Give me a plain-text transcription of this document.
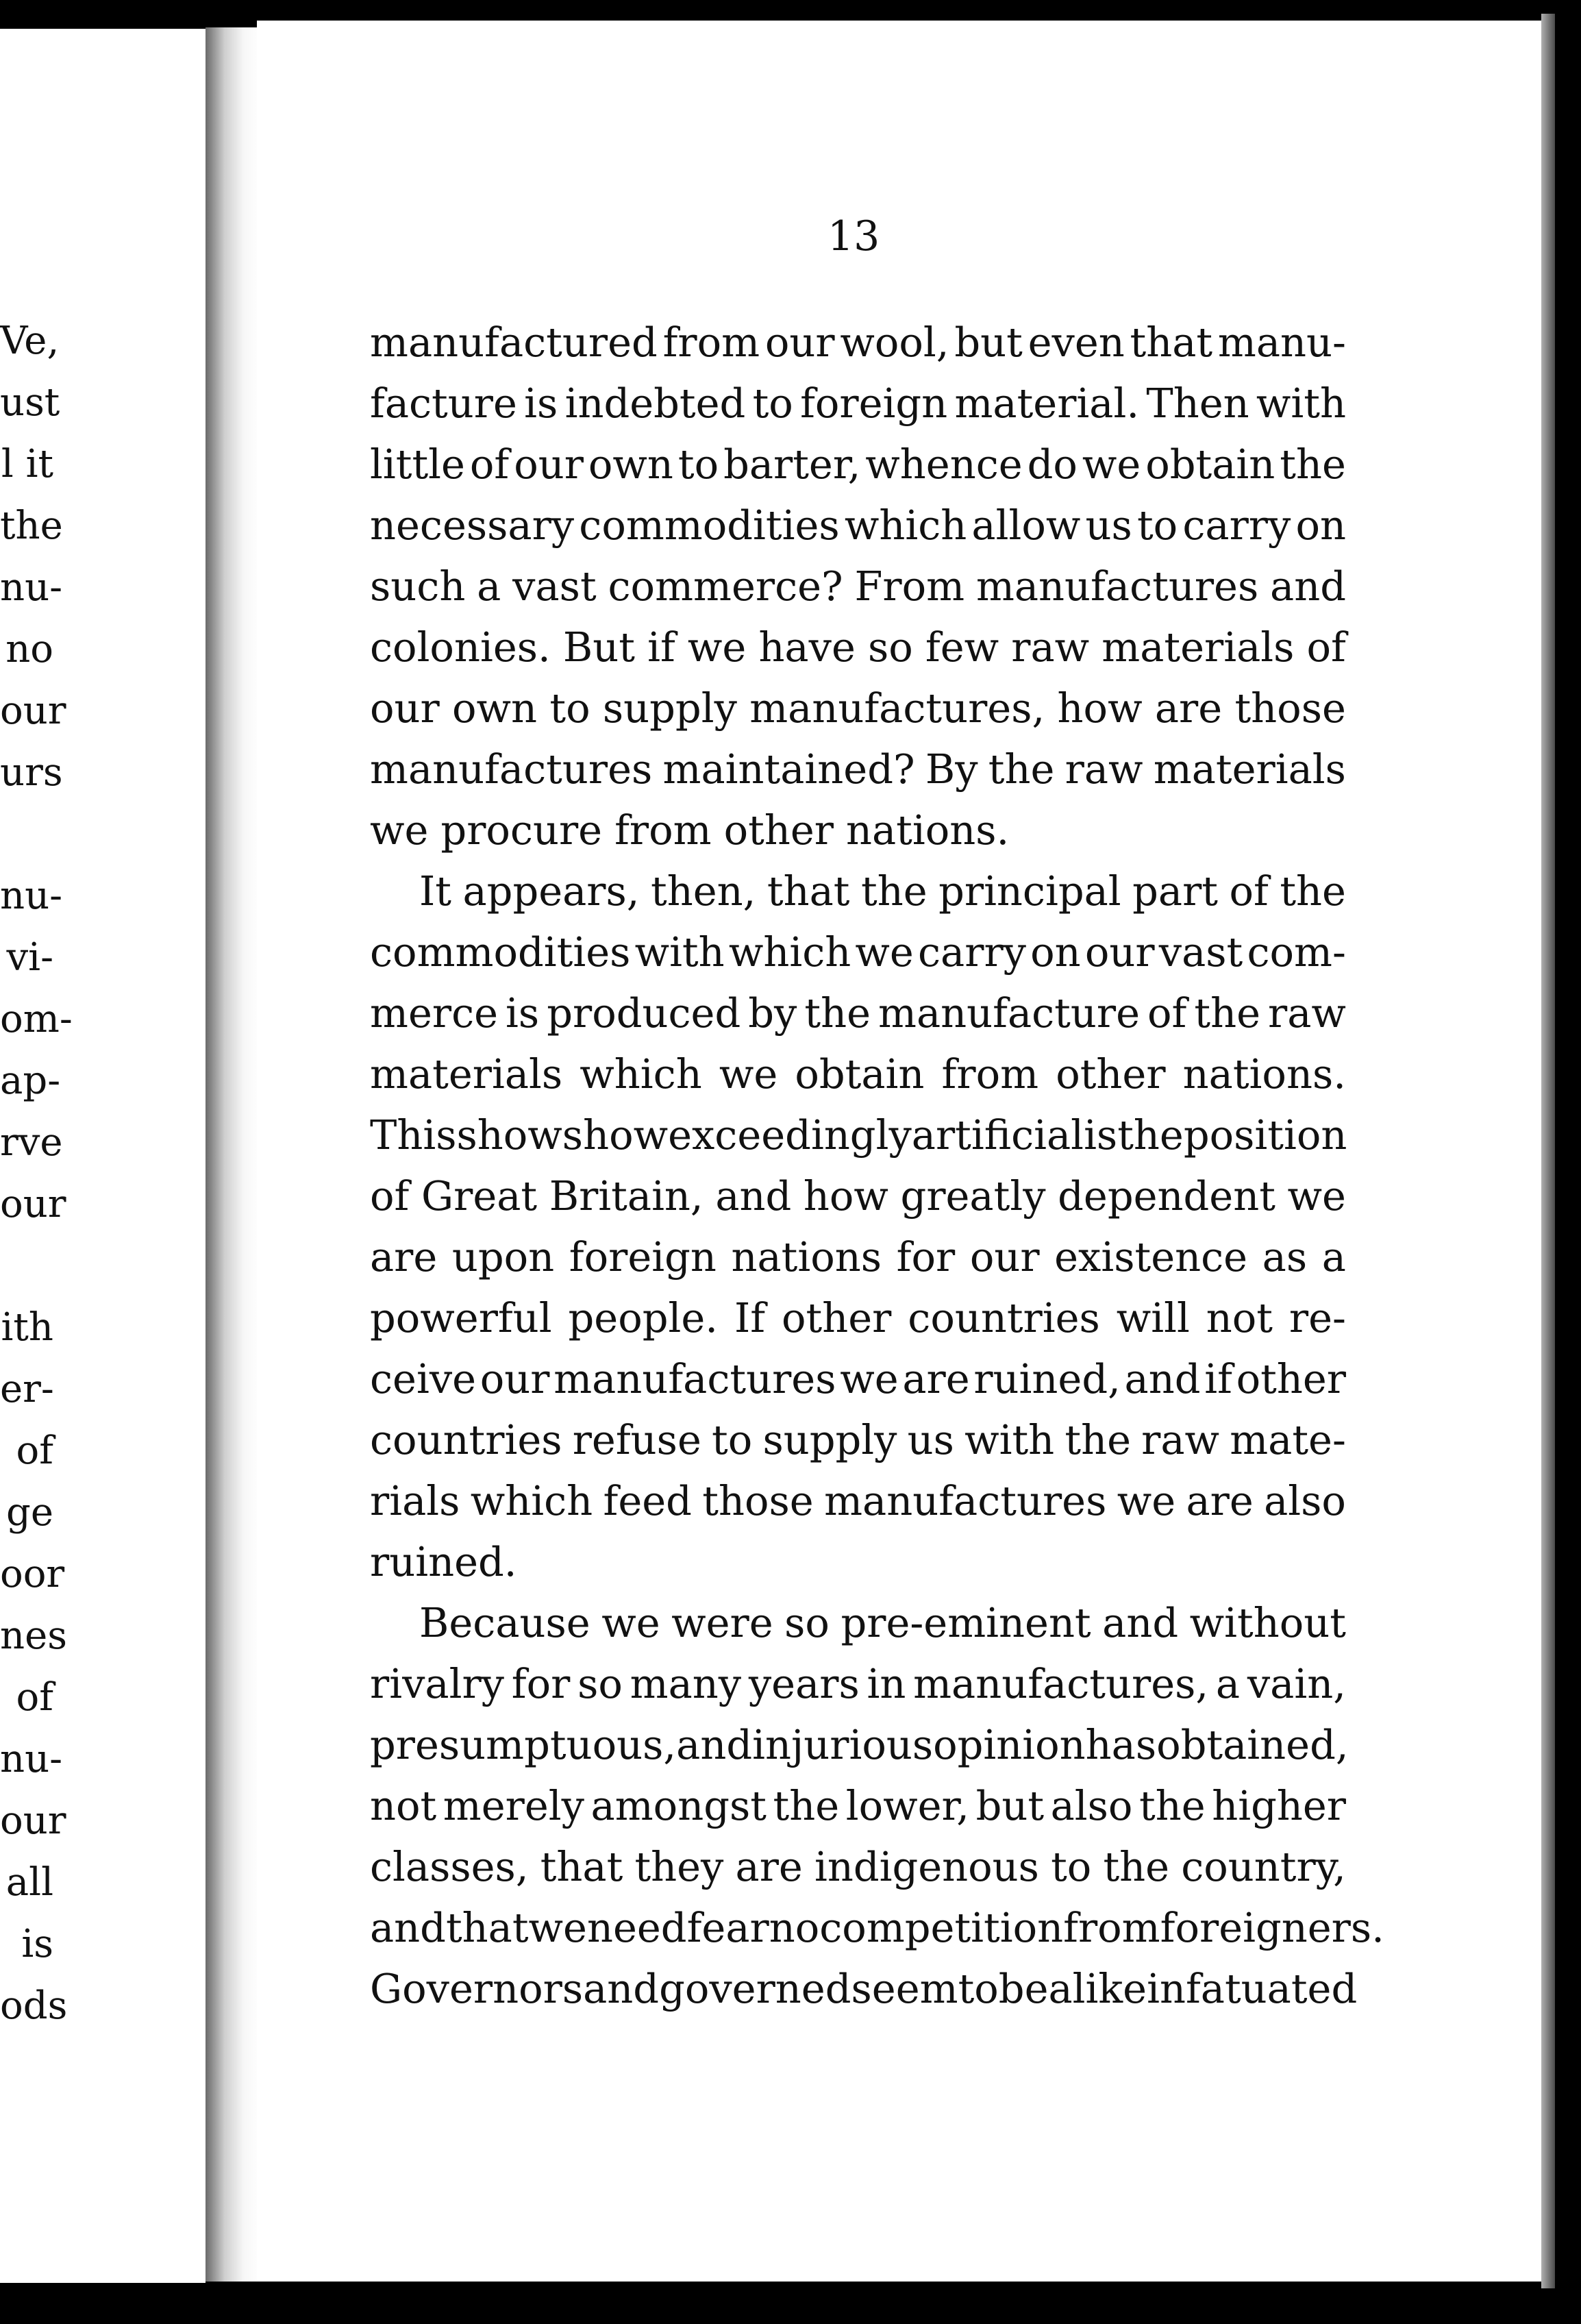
Ve,
ust
l it
the
nu-
no
our
urs
nu-
vi-
om-
ap-
rve
our
ith
er-
of
ge
oor
nes
of
nu-
our
all
is
ods
13
manufactured from our wool, but even that manu-
facture is indebted to foreign material. Then with
little of our own to barter, whence do we obtain the
necessary commodities which allow us to carry on
such a vast commerce? From manufactures and
colonies. But if we have so few raw materials of
our own to supply manufactures, how are those
manufactures maintained? By the raw materials
we procure from other nations.
It appears, then, that the principal part of the
commodities with which we carry on our vast com-
merce is produced by the manufacture of the raw
materials which we obtain from other nations.
This shows how exceedingly artificial is the position
of Great Britain, and how greatly dependent we
are upon foreign nations for our existence as a
powerful people. If other countries will not re-
ceive our manufactures we are ruined, and if other
countries refuse to supply us with the raw mate-
rials which feed those manufactures we are also
ruined.
Because we were so pre-eminent and without
rivalry for so many years in manufactures, a vain,
presumptuous, and injurious opinion has obtained,
not merely amongst the lower, but also the higher
classes, that they are indigenous to the country,
and that we need fear no competition from foreigners.
Governors and governed seem to be alike infatuated
